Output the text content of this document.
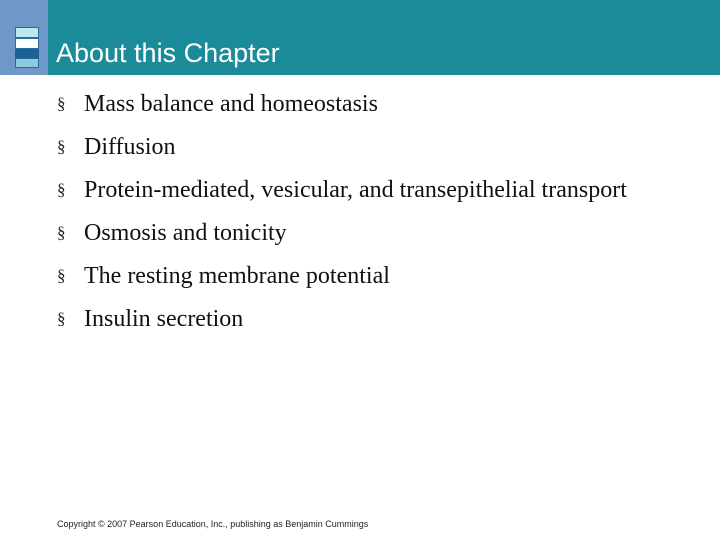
About this Chapter
§ Mass balance and homeostasis
§ Diffusion
§ Protein-mediated, vesicular, and transepithelial transport
§ Osmosis and tonicity
§ The resting membrane potential
§ Insulin secretion
Copyright © 2007 Pearson Education, Inc., publishing as Benjamin Cummings
